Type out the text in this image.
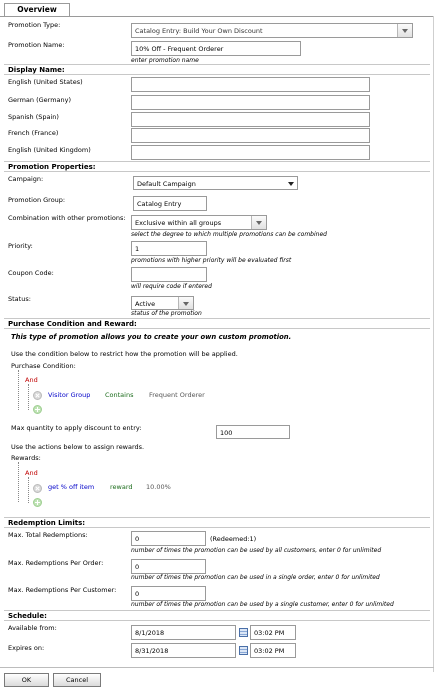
Overview
Promotion Type:
Catalog Entry: Build Your Own Discount
Promotion Name:	10% Off - Frequent Orderer
enter promotion name
Display Name:
English (United States)
German (Germany)
Spanish (Spain)
French (France)
English (United Kingdom)
Promotion Properties:
Campaign:
Default Campaign
Promotion Group:	Catalog Entry
Combination with other promotions:
Exclusive within all groups
select the degree to which multiple promotions can be combined
Priority:	1
promotions with higher priority will be evaluated first
Coupon Code:
will require code if entered
Status:
Active
status of the promotion
Purchase Condition and Reward:
This type of promotion allows you to create your own custom promotion.
Use the condition below to restrict how the promotion will be applied.
Purchase Condition:
And
Visitor Group Contains Frequent Orderer
Max quantity to apply discount to entry:
100
Use the actions below to assign rewards.
Rewards:
And
get % off item reward 10.00%
Redemption Limits:
Max. Total Redemptions:	0	(Redeemed:1)
number of times the promotion can be used by all customers, enter 0 for unlimited
Max. Redemptions Per Order:	0
number of times the promotion can be used in a single order, enter 0 for unlimited
Max. Redemptions Per Customer:	0
number of times the promotion can be used by a single customer, enter 0 for unlimited
Schedule:
Available from:
8/1/2018	03:02 PM
Expires on:	8/31/2018	03:02 PM
OK	Cancel
